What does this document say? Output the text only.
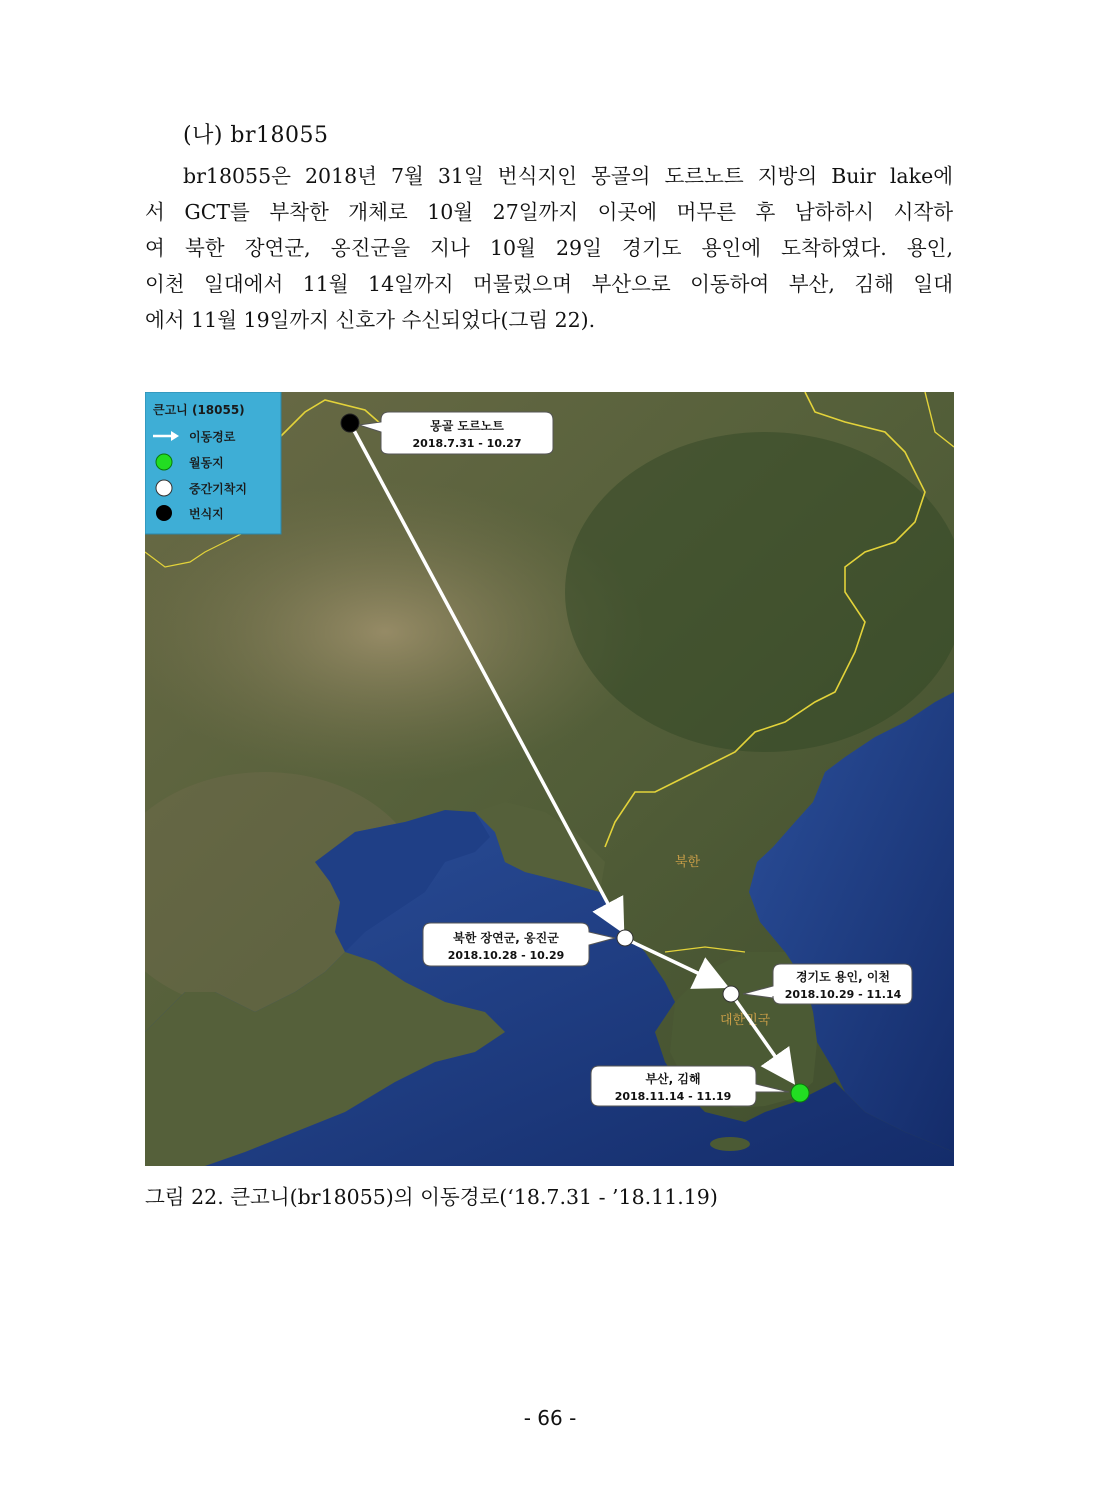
(나) br18055
br18055은 2018년 7월 31일 번식지인 몽골의 도르노트 지방의 Buir lake에
서 GCT를 부착한 개체로 10월 27일까지 이곳에 머무른 후 남하하시 시작하
여 북한 장연군, 옹진군을 지나 10월 29일 경기도 용인에 도착하였다. 용인,
이천 일대에서 11월 14일까지 머물렀으며 부산으로 이동하여 부산, 김해 일대
에서 11월 19일까지 신호가 수신되었다(그림 22).
북한
대한민국
몽골 도르노트
2018.7.31 - 10.27
북한 장연군, 옹진군
2018.10.28 - 10.29
경기도 용인, 이천
2018.10.29 - 11.14
부산, 김해
2018.11.14 - 11.19
큰고니 (18055)
이동경로
월동지
중간기착지
번식지
그림 22. 큰고니(br18055)의 이동경로(‘18.7.31 - ’18.11.19)
- 66 -
